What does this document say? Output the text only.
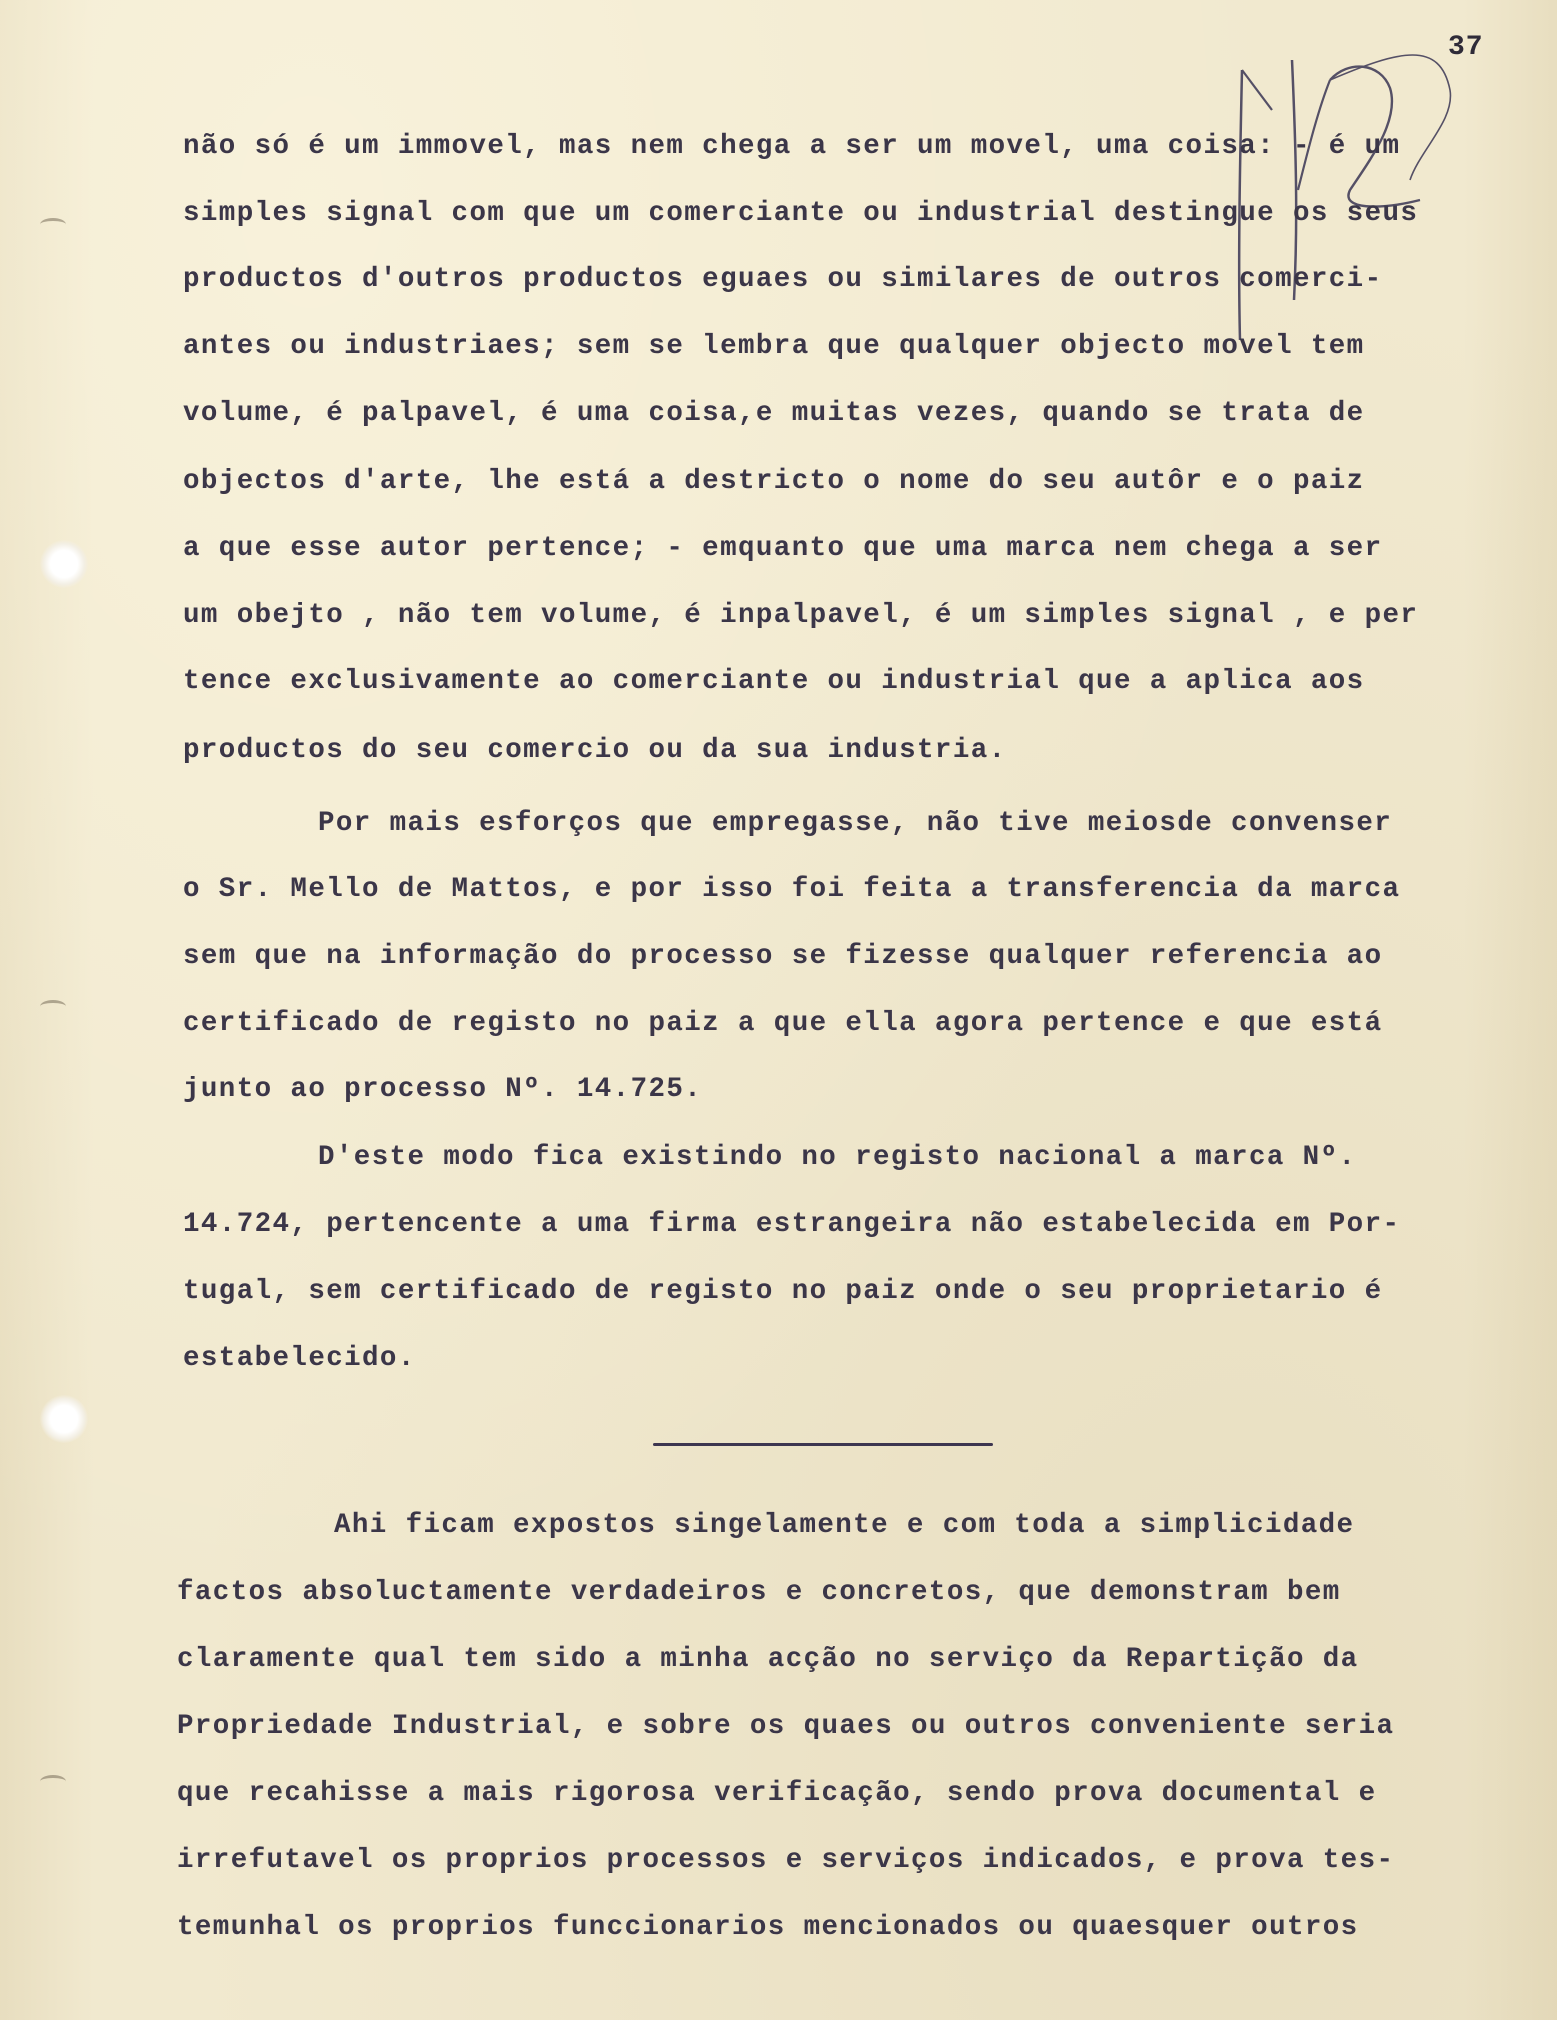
37
não só é um immovel, mas nem chega a ser um movel, uma coisa: - é um
simples signal com que um comerciante ou industrial destingue os seus
productos d'outros productos eguaes ou similares de outros comerci-
antes ou industriaes; sem se lembra que qualquer objecto movel tem
volume, é palpavel, é uma coisa,e muitas vezes, quando se trata de
objectos d'arte, lhe está a destricto o nome do seu autôr e o paiz
a que esse autor pertence; - emquanto que uma marca nem chega a ser
um obejto , não tem volume, é inpalpavel, é um simples signal , e per
tence exclusivamente ao comerciante ou industrial que a aplica aos
productos do seu comercio ou da sua industria.
Por mais esforços que empregasse, não tive meiosde convenser
o Sr. Mello de Mattos, e por isso foi feita a transferencia da marca
sem que na informação do processo se fizesse qualquer referencia ao
certificado de registo no paiz a que ella agora pertence e que está
junto ao processo Nº. 14.725.
D'este modo fica existindo no registo nacional a marca Nº.
14.724, pertencente a uma firma estrangeira não estabelecida em Por-
tugal, sem certificado de registo no paiz onde o seu proprietario é
estabelecido.
Ahi ficam expostos singelamente e com toda a simplicidade
factos absoluctamente verdadeiros e concretos, que demonstram bem
claramente qual tem sido a minha acção no serviço da Repartição da
Propriedade Industrial, e sobre os quaes ou outros conveniente seria
que recahisse a mais rigorosa verificação, sendo prova documental e
irrefutavel os proprios processos e serviços indicados, e prova tes-
temunhal os proprios funccionarios mencionados ou quaesquer outros
